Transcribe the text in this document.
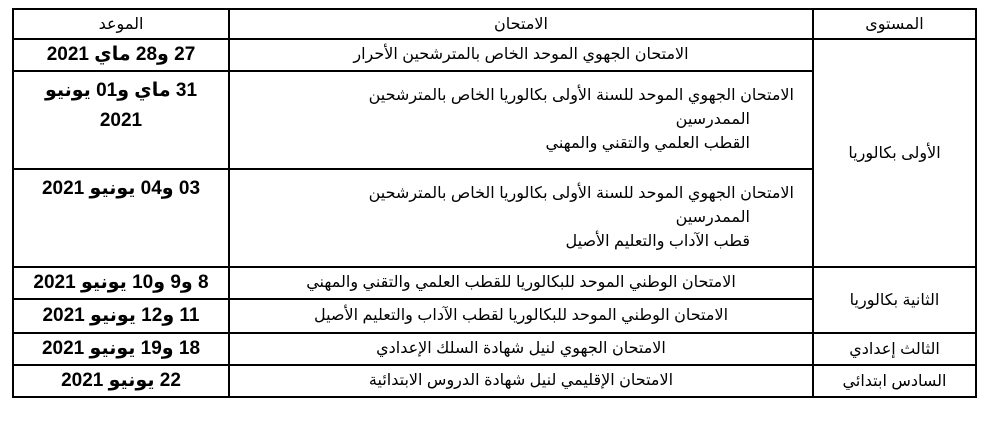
المستوى	الامتحان	الموعد
الأولى بكالوريا	الامتحان الجهوي الموحد الخاص بالمترشحين الأحرار	27 و28 ماي 2021

	الامتحان الجهوي الموحد للسنة الأولى بكالوريا الخاص بالمترشحين
الممدرسين
القطب العلمي والتقني والمهني	31 ماي و01 يونيو
2021

	الامتحان الجهوي الموحد للسنة الأولى بكالوريا الخاص بالمترشحين
الممدرسين
قطب الآداب والتعليم الأصيل	03 و04 يونيو 2021
الثانية بكالوريا	الامتحان الوطني الموحد للبكالوريا للقطب العلمي والتقني والمهني	8 و9 و10 يونيو 2021

	الامتحان الوطني الموحد للبكالوريا لقطب الآداب والتعليم الأصيل	11 و12 يونيو 2021
الثالث إعدادي	الامتحان الجهوي لنيل شهادة السلك الإعدادي	18 و19 يونيو 2021
السادس ابتدائي	الامتحان الإقليمي لنيل شهادة الدروس الابتدائية	22 يونيو 2021
